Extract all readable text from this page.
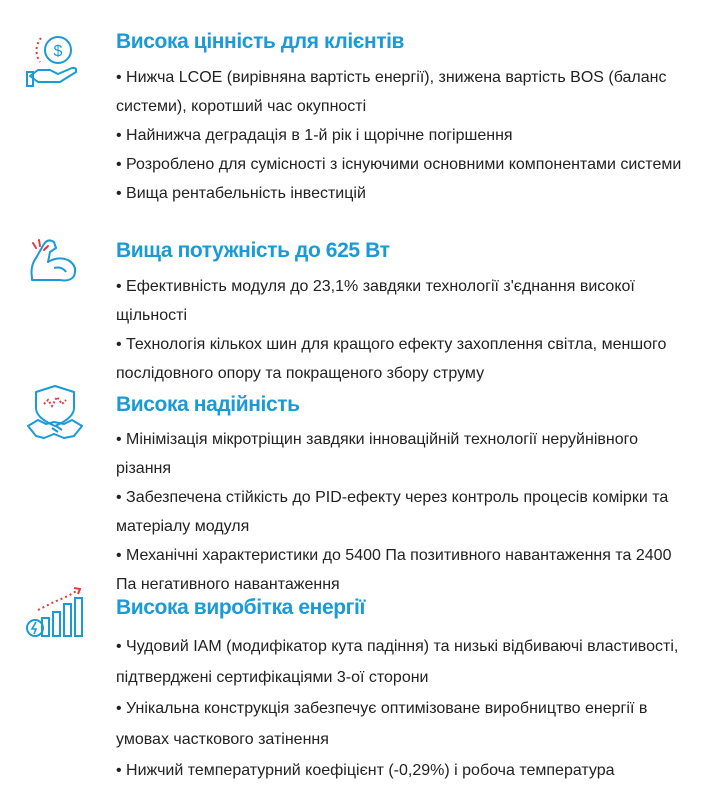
$	Висока цінність для клієнтів
• Нижча LCOE (вирівняна вартість енергії), знижена вартість BOS (баланс системи), коротший час окупності
• Найнижча деградація в 1-й рік і щорічне погіршення
• Розроблено для сумісності з існуючими основними компонентами системи
• Вища рентабельність інвестицій
Вища потужність до 625 Вт
• Ефективність модуля до 23,1% завдяки технології з'єднання високої щільності
• Технологія кількох шин для кращого ефекту захоплення світла, меншого послідовного опору та покращеного збору струму
Висока надійність
• Мінімізація мікротріщин завдяки інноваційній технології неруйнівного різання
• Забезпечена стійкість до PID-ефекту через контроль процесів комірки та матеріалу модуля
• Механічні характеристики до 5400 Па позитивного навантаження та 2400 Па негативного навантаження
Висока виробітка енергії
• Чудовий IAM (модифікатор кута падіння) та низькі відбиваючі властивості, підтверджені сертифікаціями 3-ої сторони
• Унікальна конструкція забезпечує оптимізоване виробництво енергії в умовах часткового затінення
• Нижчий температурний коефіцієнт (-0,29%) і робоча температура
